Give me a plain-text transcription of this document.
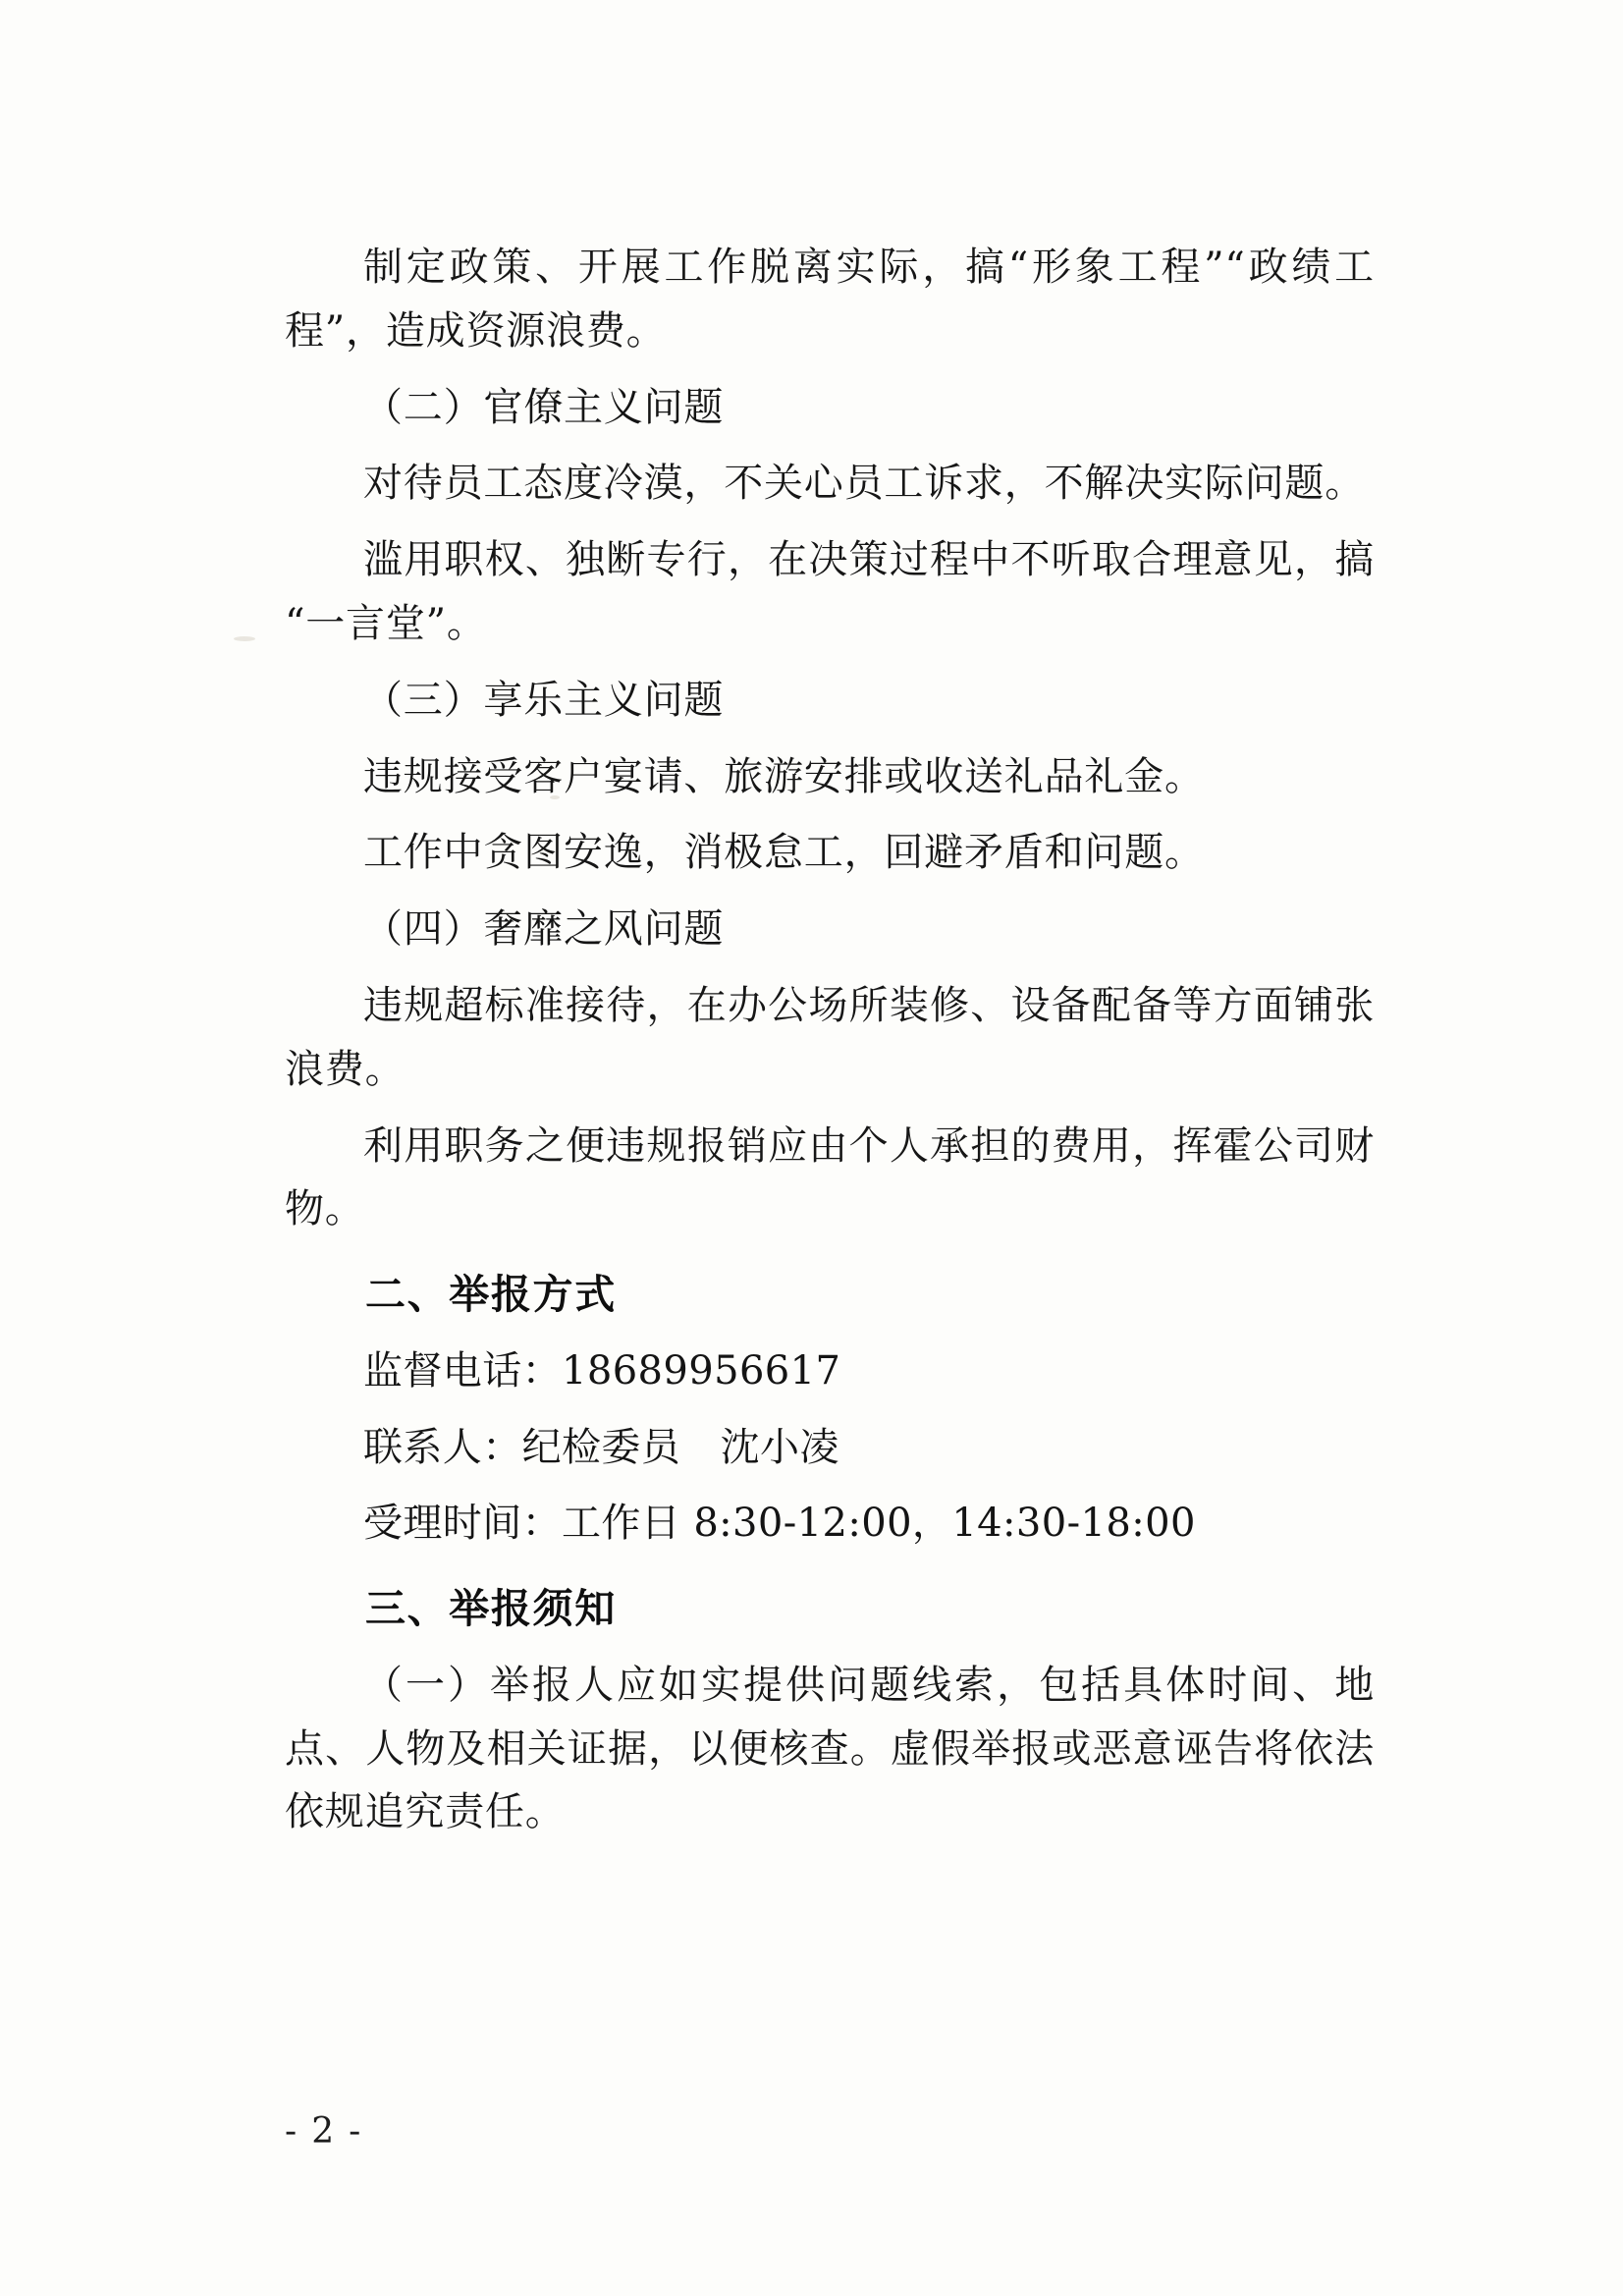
制定政策、开展工作脱离实际，搞“形象工程”“政绩工程”，造成资源浪费。

（二）官僚主义问题

对待员工态度冷漠，不关心员工诉求，不解决实际问题。

滥用职权、独断专行，在决策过程中不听取合理意见，搞“一言堂”。

（三）享乐主义问题

违规接受客户宴请、旅游安排或收送礼品礼金。

工作中贪图安逸，消极怠工，回避矛盾和问题。

（四）奢靡之风问题

违规超标准接待，在办公场所装修、设备配备等方面铺张浪费。

利用职务之便违规报销应由个人承担的费用，挥霍公司财物。

二、举报方式

监督电话：18689956617

联系人：纪检委员　沈小凌

受理时间：工作日 8:30-12:00，14:30-18:00

三、举报须知

（一）举报人应如实提供问题线索，包括具体时间、地点、人物及相关证据，以便核查。虚假举报或恶意诬告将依法依规追究责任。

- 2 -
